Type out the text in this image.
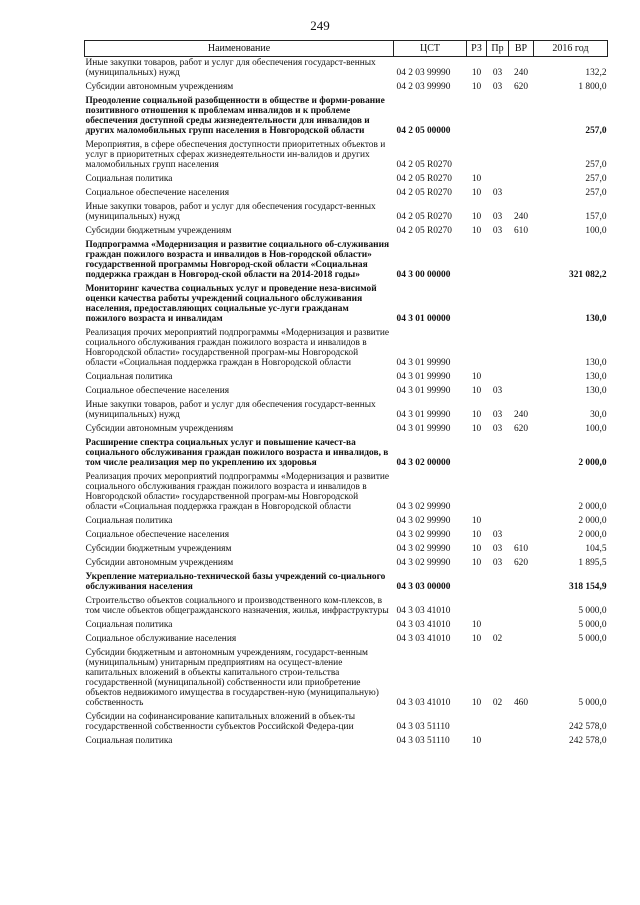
249
Наименование	ЦСТ	РЗ	Пр	ВР	2016 год
Иные закупки товаров, работ и услуг для обеспечения государст-венных (муниципальных) нужд	04 2 03 99990	10	03	240	132,2
Субсидии автономным учреждениям	04 2 03 99990	10	03	620	1 800,0
Преодоление социальной разобщенности в обществе и форми-рование позитивного отношения к проблемам инвалидов и к проблеме обеспечения доступной среды жизнедеятельности для инвалидов и других маломобильных групп населения в Новгородской области	04 2 05 00000				257,0
Мероприятия, в сфере обеспечения доступности приоритетных объектов и услуг в приоритетных сферах жизнедеятельности ин-валидов и других маломобильных групп населения	04 2 05 R0270				257,0
Социальная политика	04 2 05 R0270	10			257,0
Социальное обеспечение населения	04 2 05 R0270	10	03		257,0
Иные закупки товаров, работ и услуг для обеспечения государст-венных (муниципальных) нужд	04 2 05 R0270	10	03	240	157,0
Субсидии бюджетным учреждениям	04 2 05 R0270	10	03	610	100,0
Подпрограмма «Модернизация и развитие социального об-служивания граждан пожилого возраста и инвалидов в Нов-городской области» государственной программы Новгород-ской области «Социальная поддержка граждан в Новгород-ской области на 2014-2018 годы»	04 3 00 00000				321 082,2
Мониторинг качества социальных услуг и проведение неза-висимой оценки качества работы учреждений социального обслуживания населения, предоставляющих социальные ус-луги гражданам пожилого возраста и инвалидам	04 3 01 00000				130,0
Реализация прочих мероприятий подпрограммы «Модернизация и развитие социального обслуживания граждан пожилого возраста и инвалидов в Новгородской области» государственной програм-мы Новгородской области «Социальная поддержка граждан в Новгородской области	04 3 01 99990				130,0
Социальная политика	04 3 01 99990	10			130,0
Социальное обеспечение населения	04 3 01 99990	10	03		130,0
Иные закупки товаров, работ и услуг для обеспечения государст-венных (муниципальных) нужд	04 3 01 99990	10	03	240	30,0
Субсидии автономным учреждениям	04 3 01 99990	10	03	620	100,0
Расширение спектра социальных услуг и повышение качест-ва социального обслуживания граждан пожилого возраста и инвалидов, в том числе реализация мер по укреплению их здоровья	04 3 02 00000				2 000,0
Реализация прочих мероприятий подпрограммы «Модернизация и развитие социального обслуживания граждан пожилого возраста и инвалидов в Новгородской области» государственной програм-мы Новгородской области «Социальная поддержка граждан в Новгородской области	04 3 02 99990				2 000,0
Социальная политика	04 3 02 99990	10			2 000,0
Социальное обеспечение населения	04 3 02 99990	10	03		2 000,0
Субсидии бюджетным учреждениям	04 3 02 99990	10	03	610	104,5
Субсидии автономным учреждениям	04 3 02 99990	10	03	620	1 895,5
Укрепление материально-технической базы учреждений со-циального обслуживания населения	04 3 03 00000				318 154,9
Строительство объектов социального и производственного ком-плексов, в том числе объектов общегражданского назначения, жилья, инфраструктуры	04 3 03 41010				5 000,0
Социальная политика	04 3 03 41010	10			5 000,0
Социальное обслуживание населения	04 3 03 41010	10	02		5 000,0
Субсидии бюджетным и автономным учреждениям, государст-венным (муниципальным) унитарным предприятиям на осущест-вление капитальных вложений в объекты капитального строи-тельства государственной (муниципальной) собственности или приобретение объектов недвижимого имущества в государствен-ную (муниципальную) собственность	04 3 03 41010	10	02	460	5 000,0
Субсидии на софинансирование капитальных вложений в объек-ты государственной собственности субъектов Российской Федера-ции	04 3 03 51110				242 578,0
Социальная политика	04 3 03 51110	10			242 578,0
